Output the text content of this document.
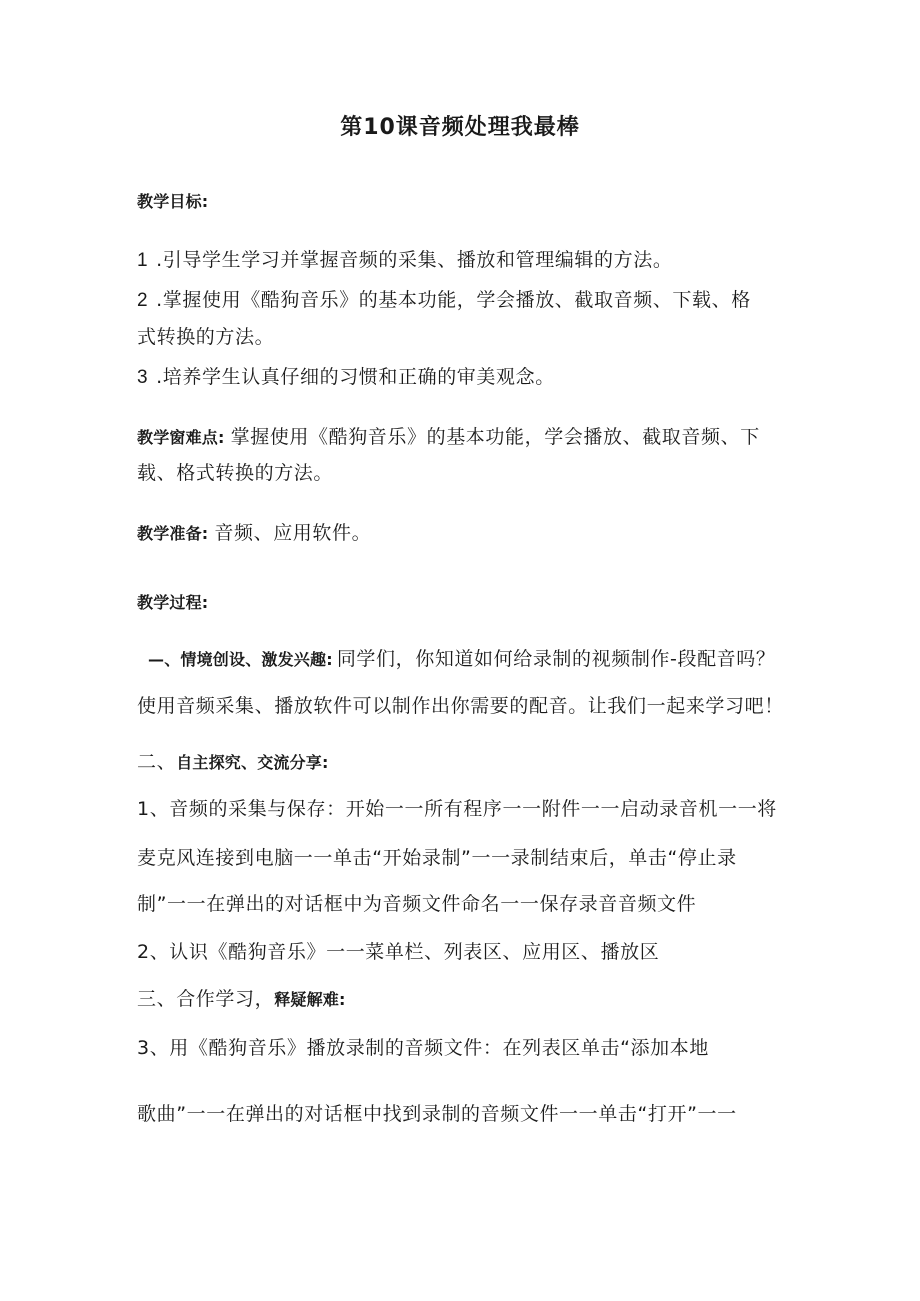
第10课音频处理我最棒
教学目标:
1 .引导学生学习并掌握音频的采集、播放和管理编辑的方法。
2 .掌握使用《酷狗音乐》的基本功能，学会播放、截取音频、下载、格
式转换的方法。
3 .培养学生认真仔细的习惯和正确的审美观念。
教学窗难点: 掌握使用《酷狗音乐》的基本功能，学会播放、截取音频、下
载、格式转换的方法。
教学准备: 音频、应用软件。
教学过程:
—、情境创设、激发兴趣: 同学们，你知道如何给录制的视频制作-段配音吗？
使用音频采集、播放软件可以制作出你需要的配音。让我们一起来学习吧！
二、自主探究、交流分享:
1、音频的采集与保存：开始一一所有程序一一附件一一启动录音机一一将
麦克风连接到电脑一一单击“开始录制”一一录制结束后，单击“停止录
制”一一在弹出的对话框中为音频文件命名一一保存录音音频文件
2、认识《酷狗音乐》一一菜单栏、列表区、应用区、播放区
三、合作学习，释疑解难:
3、用《酷狗音乐》播放录制的音频文件：在列表区单击“添加本地
歌曲”一一在弹出的对话框中找到录制的音频文件一一单击“打开”一一
